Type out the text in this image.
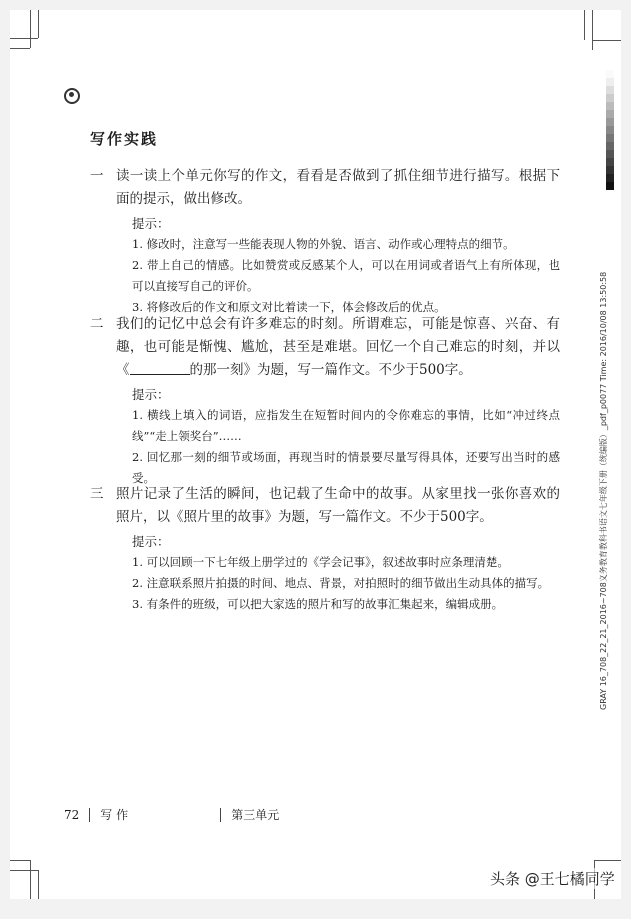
GRAY 16_708_22_21_2016~708义务教育教科书语文七年级下册（统编版）_pdf_p0077 Time: 2016/10/08 13:50:58
写作实践
一 读一读上个单元你写的作文，看看是否做到了抓住细节进行描写。根据下面的提示，做出修改。
提示：
1. 修改时，注意写一些能表现人物的外貌、语言、动作或心理特点的细节。
2. 带上自己的情感。比如赞赏或反感某个人，可以在用词或者语气上有所体现，也可以直接写自己的评价。
3. 将修改后的作文和原文对比着读一下，体会修改后的优点。
二 我们的记忆中总会有许多难忘的时刻。所谓难忘，可能是惊喜、兴奋、有趣，也可能是惭愧、尴尬，甚至是难堪。回忆一个自己难忘的时刻，并以《	的那一刻》为题，写一篇作文。不少于500字。
提示：
1. 横线上填入的词语，应指发生在短暂时间内的令你难忘的事情，比如“冲过终点线”“走上领奖台”……
2. 回忆那一刻的细节或场面，再现当时的情景要尽量写得具体，还要写出当时的感受。
三 照片记录了生活的瞬间，也记载了生命中的故事。从家里找一张你喜欢的照片，以《照片里的故事》为题，写一篇作文。不少于500字。
提示：
1. 可以回顾一下七年级上册学过的《学会记事》，叙述故事时应条理清楚。
2. 注意联系照片拍摄的时间、地点、背景，对拍照时的细节做出生动具体的描写。
3. 有条件的班级，可以把大家选的照片和写的故事汇集起来，编辑成册。
72 写 作	第三单元
头条 @王七橘同学
